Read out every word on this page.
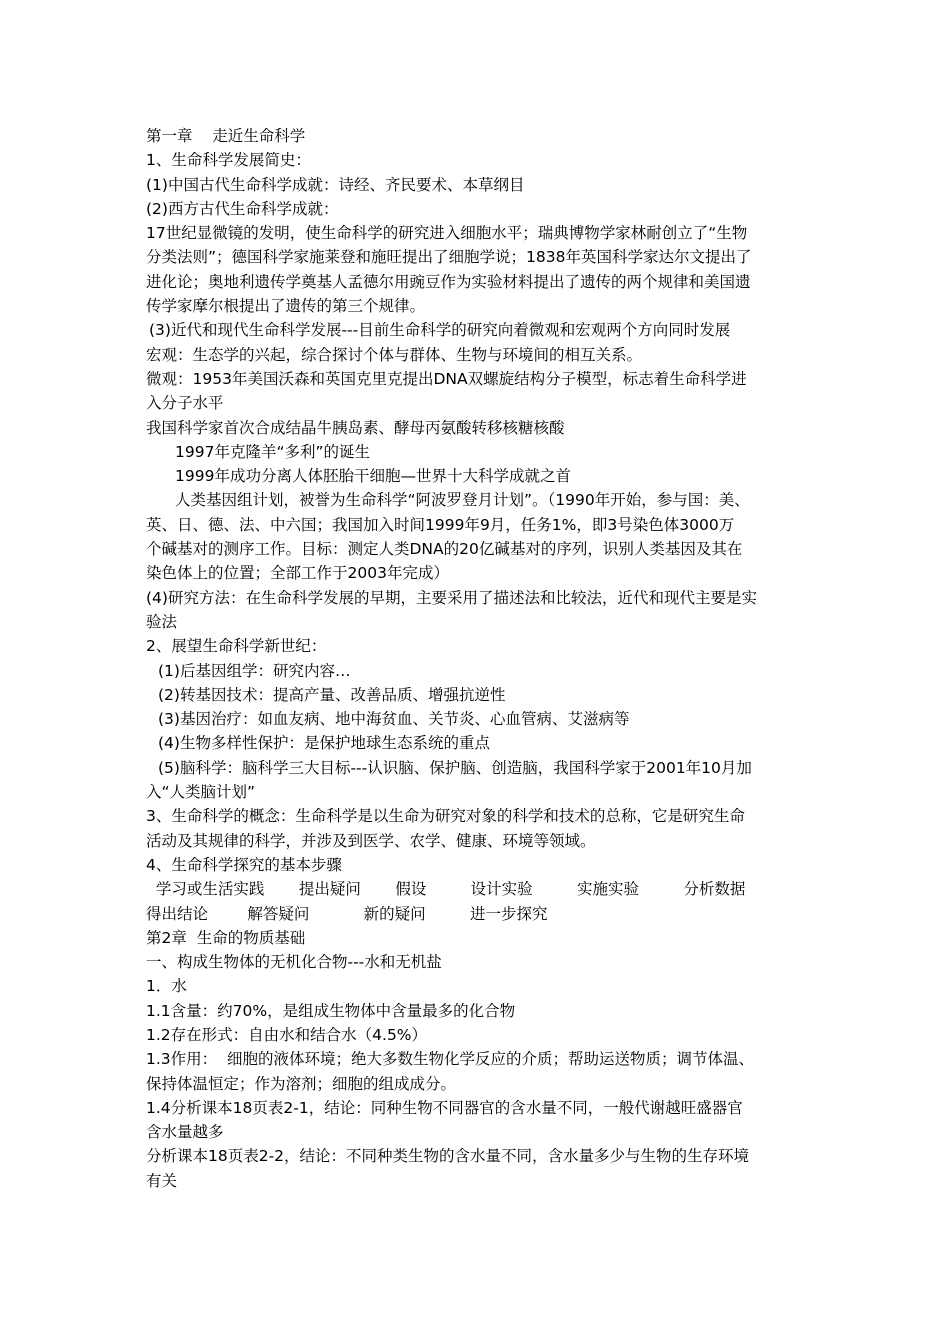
第一章    走近生命科学
1、生命科学发展简史：
(1)中国古代生命科学成就：诗经、齐民要术、本草纲目
(2)西方古代生命科学成就：
17世纪显微镜的发明，使生命科学的研究进入细胞水平；瑞典博物学家林耐创立了“生物
分类法则”；德国科学家施莱登和施旺提出了细胞学说；1838年英国科学家达尔文提出了
进化论；奥地利遗传学奠基人孟德尔用豌豆作为实验材料提出了遗传的两个规律和美国遗
传学家摩尔根提出了遗传的第三个规律。
(3)近代和现代生命科学发展---目前生命科学的研究向着微观和宏观两个方向同时发展
宏观：生态学的兴起，综合探讨个体与群体、生物与环境间的相互关系。
微观：1953年美国沃森和英国克里克提出DNA双螺旋结构分子模型，标志着生命科学进
入分子水平
我国科学家首次合成结晶牛胰岛素、酵母丙氨酸转移核糖核酸
1997年克隆羊“多利”的诞生
1999年成功分离人体胚胎干细胞—世界十大科学成就之首
人类基因组计划，被誉为生命科学“阿波罗登月计划”。（1990年开始，参与国：美、
英、日、德、法、中六国；我国加入时间1999年9月，任务1%，即3号染色体3000万
个碱基对的测序工作。目标：测定人类DNA的20亿碱基对的序列，识别人类基因及其在
染色体上的位置；全部工作于2003年完成）
(4)研究方法：在生命科学发展的早期，主要采用了描述法和比较法，近代和现代主要是实
验法
2、展望生命科学新世纪：
(1)后基因组学：研究内容…
(2)转基因技术：提高产量、改善品质、增强抗逆性
(3)基因治疗：如血友病、地中海贫血、关节炎、心血管病、艾滋病等
(4)生物多样性保护：是保护地球生态系统的重点
(5)脑科学：脑科学三大目标---认识脑、保护脑、创造脑，我国科学家于2001年10月加
入“人类脑计划”
3、生命科学的概念：生命科学是以生命为研究对象的科学和技术的总称，它是研究生命
活动及其规律的科学，并涉及到医学、农学、健康、环境等领域。
4、生命科学探究的基本步骤
学习或生活实践       提出疑问       假设         设计实验         实施实验         分析数据
得出结论        解答疑问           新的疑问         进一步探究
第2章  生命的物质基础
一、构成生物体的无机化合物---水和无机盐
1．水
1.1含量：约70%，是组成生物体中含量最多的化合物
1.2存在形式：自由水和结合水（4.5%）
1.3作用：  细胞的液体环境；绝大多数生物化学反应的介质；帮助运送物质；调节体温、
保持体温恒定；作为溶剂；细胞的组成成分。
1.4分析课本18页表2-1，结论：同种生物不同器官的含水量不同，一般代谢越旺盛器官
含水量越多
分析课本18页表2-2，结论：不同种类生物的含水量不同，含水量多少与生物的生存环境
有关
